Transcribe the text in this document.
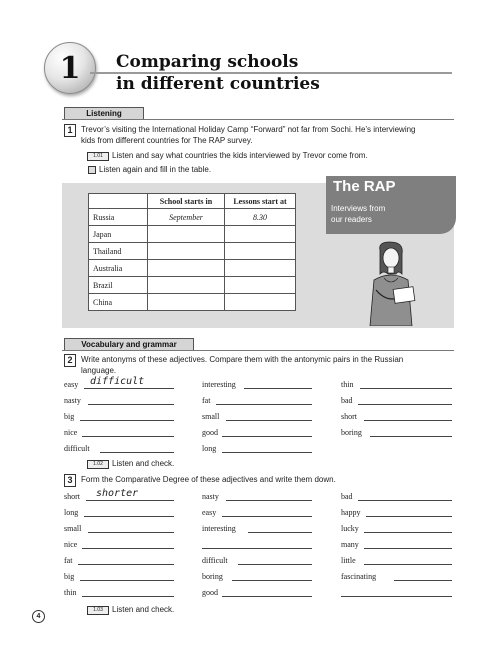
1 Comparing schools
in different countries
Listening
1	Trevor’s visiting the International Holiday Camp “Forward” not far from Sochi. He’s interviewing
kids from different countries for The RAP survey.
1.01	Listen and say what countries the kids interviewed by Trevor come from.
Listen again and fill in the table.
	School starts in	Lessons start at
Russia	September	8.30
Japan		
Thailand		
Australia		
Brazil		
China		
The RAP
Interviews from
our readers
Vocabulary and grammar
2	Write antonyms of these adjectives. Compare them with the antonymic pairs in the Russian
language.
easy difficult
nasty
big
nice
difficult
interesting
fat
small
good
long
thin
bad
short
boring
1.02	Listen and check.
3	Form the Comparative Degree of these adjectives and write them down.
short shorter
long
small
nice
fat
big
thin
nasty
easy
interesting
difficult
boring
good
bad
happy
lucky
many
little
fascinating
1.03	Listen and check.
4
